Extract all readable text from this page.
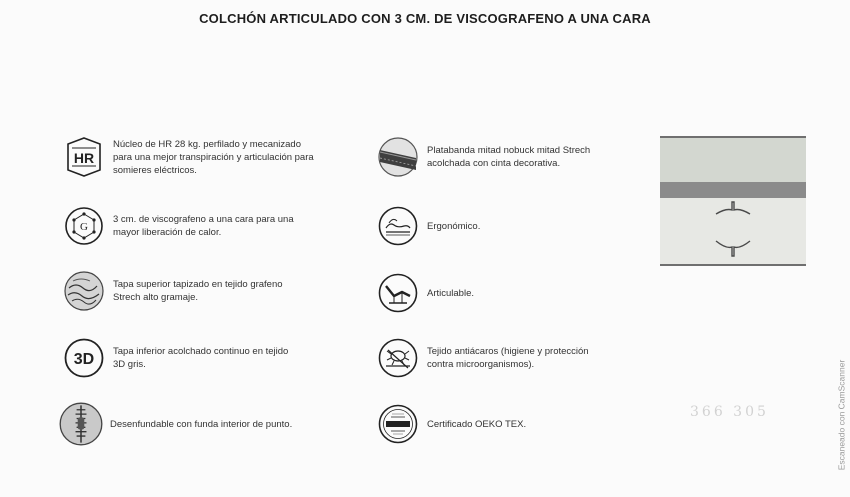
COLCHÓN ARTICULADO CON 3 CM. DE VISCOGRAFENO A UNA CARA
HR
Núcleo de HR 28 kg. perfilado y mecanizado
para una mejor transpiración y articulación para
somieres eléctricos.
G
3 cm. de viscografeno a una cara para una
mayor liberación de calor.
Tapa superior tapizado en tejido grafeno
Strech alto gramaje.
3D Tapa inferior acolchado continuo en tejido
3D gris.
Desenfundable con funda interior de punto.
Platabanda mitad nobuck mitad Strech
acolchada con cinta decorativa.
Ergonómico.
Articulable.
Tejido antiácaros (higiene y protección
contra microorganismos).
Certificado OEKO TEX.
366 305	Escaneado con CamScanner
